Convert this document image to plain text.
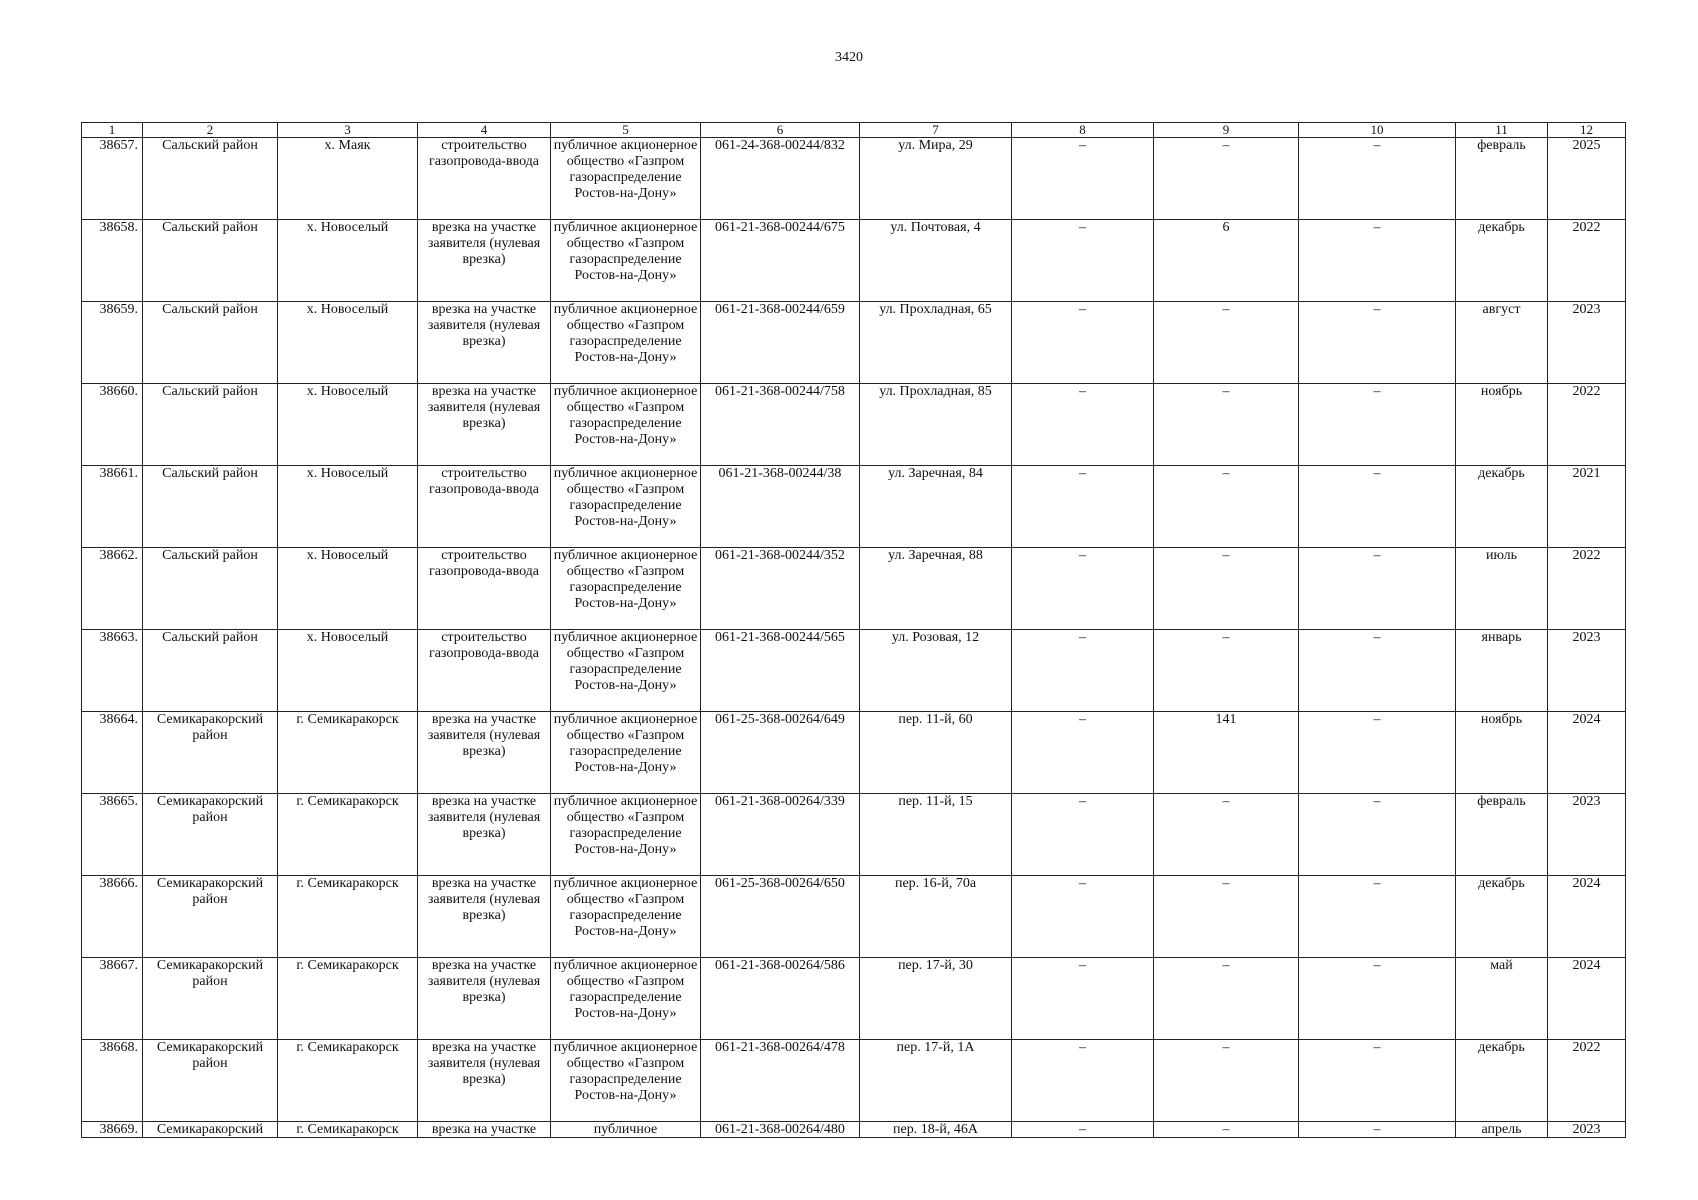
3420
1	2	3	4	5	6	7	8	9	10	11	12
38657.	Сальский район	х. Маяк	строительство газопровода-ввода	публичное акционерное общество «Газпром газораспределение Ростов-на-Дону»	061-24-368-00244/832	ул. Мира, 29	–	–	–	февраль	2025
38658.	Сальский район	х. Новоселый	врезка на участке заявителя (нулевая врезка)	публичное акционерное общество «Газпром газораспределение Ростов-на-Дону»	061-21-368-00244/675	ул. Почтовая, 4	–	6	–	декабрь	2022
38659.	Сальский район	х. Новоселый	врезка на участке заявителя (нулевая врезка)	публичное акционерное общество «Газпром газораспределение Ростов-на-Дону»	061-21-368-00244/659	ул. Прохладная, 65	–	–	–	август	2023
38660.	Сальский район	х. Новоселый	врезка на участке заявителя (нулевая врезка)	публичное акционерное общество «Газпром газораспределение Ростов-на-Дону»	061-21-368-00244/758	ул. Прохладная, 85	–	–	–	ноябрь	2022
38661.	Сальский район	х. Новоселый	строительство газопровода-ввода	публичное акционерное общество «Газпром газораспределение Ростов-на-Дону»	061-21-368-00244/38	ул. Заречная, 84	–	–	–	декабрь	2021
38662.	Сальский район	х. Новоселый	строительство газопровода-ввода	публичное акционерное общество «Газпром газораспределение Ростов-на-Дону»	061-21-368-00244/352	ул. Заречная, 88	–	–	–	июль	2022
38663.	Сальский район	х. Новоселый	строительство газопровода-ввода	публичное акционерное общество «Газпром газораспределение Ростов-на-Дону»	061-21-368-00244/565	ул. Розовая, 12	–	–	–	январь	2023
38664.	Семикаракорский район	г. Семикаракорск	врезка на участке заявителя (нулевая врезка)	публичное акционерное общество «Газпром газораспределение Ростов-на-Дону»	061-25-368-00264/649	пер. 11-й, 60	–	141	–	ноябрь	2024
38665.	Семикаракорский район	г. Семикаракорск	врезка на участке заявителя (нулевая врезка)	публичное акционерное общество «Газпром газораспределение Ростов-на-Дону»	061-21-368-00264/339	пер. 11-й, 15	–	–	–	февраль	2023
38666.	Семикаракорский район	г. Семикаракорск	врезка на участке заявителя (нулевая врезка)	публичное акционерное общество «Газпром газораспределение Ростов-на-Дону»	061-25-368-00264/650	пер. 16-й, 70а	–	–	–	декабрь	2024
38667.	Семикаракорский район	г. Семикаракорск	врезка на участке заявителя (нулевая врезка)	публичное акционерное общество «Газпром газораспределение Ростов-на-Дону»	061-21-368-00264/586	пер. 17-й, 30	–	–	–	май	2024
38668.	Семикаракорский район	г. Семикаракорск	врезка на участке заявителя (нулевая врезка)	публичное акционерное общество «Газпром газораспределение Ростов-на-Дону»	061-21-368-00264/478	пер. 17-й, 1А	–	–	–	декабрь	2022
38669.	Семикаракорский	г. Семикаракорск	врезка на участке	публичное	061-21-368-00264/480	пер. 18-й, 46А	–	–	–	апрель	2023
